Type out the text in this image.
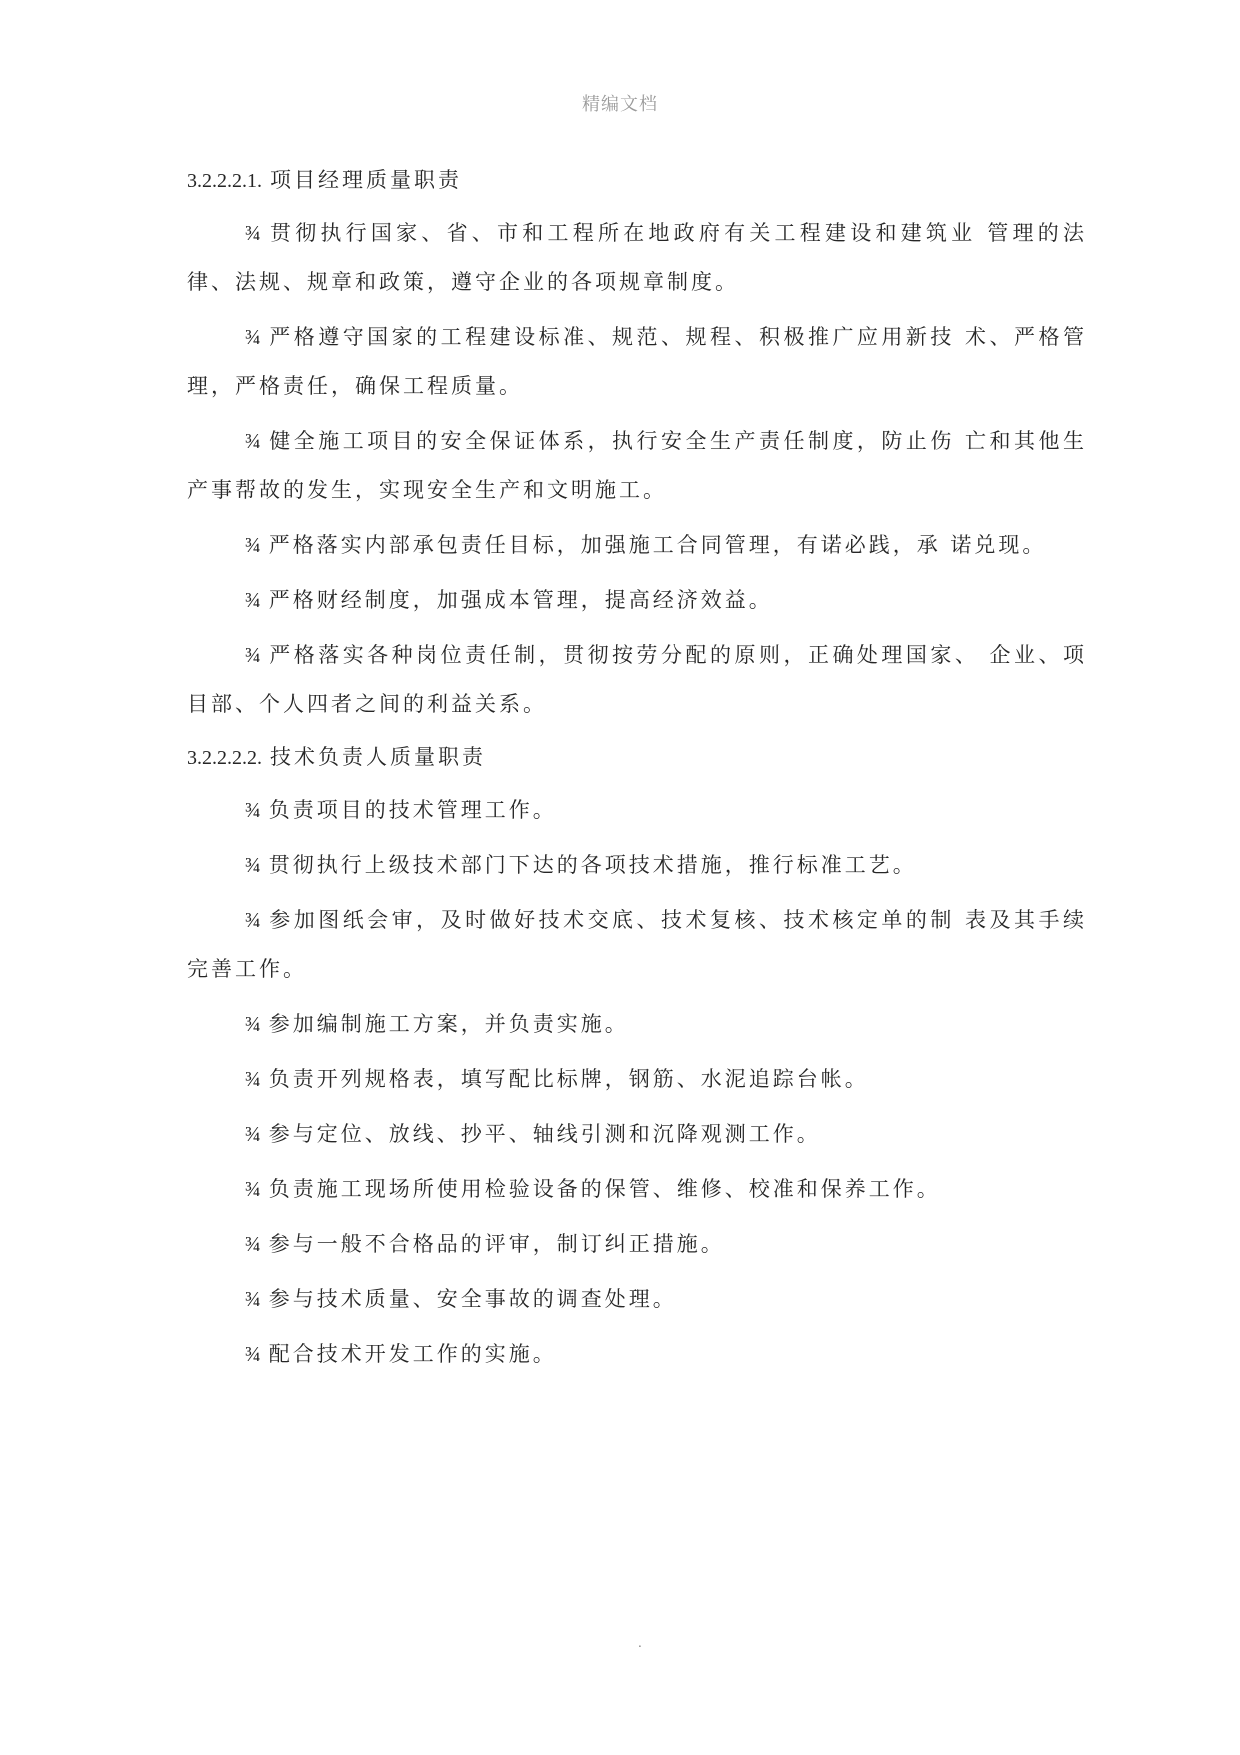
精编文档
3.2.2.2.1. 项目经理质量职责

¾ 贯彻执行国家、省、市和工程所在地政府有关工程建设和建筑业 管理的法律、法规、规章和政策，遵守企业的各项规章制度。

¾ 严格遵守国家的工程建设标准、规范、规程、积极推广应用新技 术、严格管理，严格责任，确保工程质量。

¾ 健全施工项目的安全保证体系，执行安全生产责任制度，防止伤 亡和其他生产事帮故的发生，实现安全生产和文明施工。

¾ 严格落实内部承包责任目标，加强施工合同管理，有诺必践，承 诺兑现。

¾ 严格财经制度，加强成本管理，提高经济效益。

¾ 严格落实各种岗位责任制，贯彻按劳分配的原则，正确处理国家、 企业、项目部、个人四者之间的利益关系。

3.2.2.2.2. 技术负责人质量职责

¾ 负责项目的技术管理工作。

¾ 贯彻执行上级技术部门下达的各项技术措施，推行标准工艺。

¾ 参加图纸会审，及时做好技术交底、技术复核、技术核定单的制 表及其手续完善工作。

¾ 参加编制施工方案，并负责实施。

¾ 负责开列规格表，填写配比标牌，钢筋、水泥追踪台帐。

¾ 参与定位、放线、抄平、轴线引测和沉降观测工作。

¾ 负责施工现场所使用检验设备的保管、维修、校准和保养工作。

¾ 参与一般不合格品的评审，制订纠正措施。

¾ 参与技术质量、安全事故的调查处理。

¾ 配合技术开发工作的实施。

.
